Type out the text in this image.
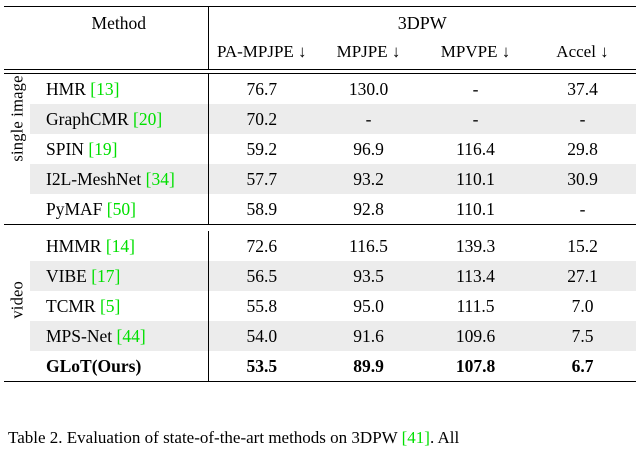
	Method	3DPW			
		PA-MPJPE ↓	MPJPE ↓	MPVPE ↓	Accel ↓

single image	HMR [13]	76.7	130.0	-	37.4
	GraphCMR [20]	70.2	-	-	-
	SPIN [19]	59.2	96.9	116.4	29.8
	I2L-MeshNet [34]	57.7	93.2	110.1	30.9
	PyMAF [50]	58.9	92.8	110.1	-

video	HMMR [14]	72.6	116.5	139.3	15.2
	VIBE [17]	56.5	93.5	113.4	27.1
	TCMR [5]	55.8	95.0	111.5	7.0
	MPS-Net [44]	54.0	91.6	109.6	7.5
	GLoT(Ours)	53.5	89.9	107.8	6.7

Table 2. Evaluation of state-of-the-art methods on 3DPW [41]. All
